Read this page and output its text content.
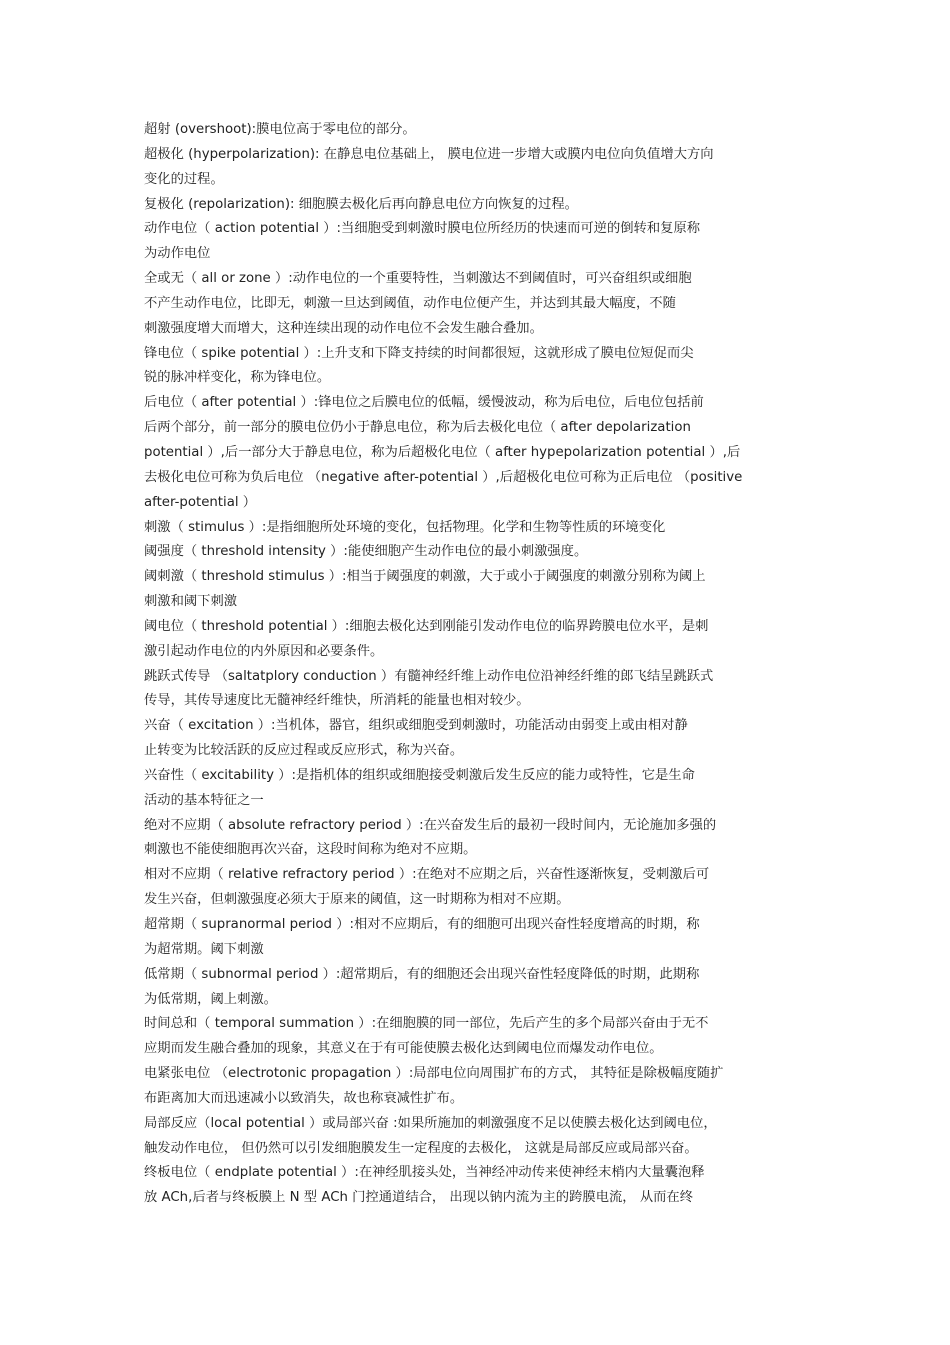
超射 (overshoot):膜电位高于零电位的部分。
超极化 (hyperpolarization): 在静息电位基础上， 膜电位进一步增大或膜内电位向负值增大方向
变化的过程。
复极化 (repolarization): 细胞膜去极化后再向静息电位方向恢复的过程。
动作电位（ action potential ）:当细胞受到刺激时膜电位所经历的快速而可逆的倒转和复原称
为动作电位
全或无（ all or zone ）:动作电位的一个重要特性，当刺激达不到阈值时，可兴奋组织或细胞
不产生动作电位，比即无，刺激一旦达到阈值，动作电位便产生，并达到其最大幅度，不随
刺激强度增大而增大，这种连续出现的动作电位不会发生融合叠加。
锋电位（ spike potential ）:上升支和下降支持续的时间都很短，这就形成了膜电位短促而尖
锐的脉冲样变化，称为锋电位。
后电位（ after potential ）:锋电位之后膜电位的低幅，缓慢波动，称为后电位，后电位包括前
后两个部分，前一部分的膜电位仍小于静息电位，称为后去极化电位（ after depolarization
potential ）,后一部分大于静息电位，称为后超极化电位（ after hypepolarization potential ）,后
去极化电位可称为负后电位 （negative after-potential ）,后超极化电位可称为正后电位 （positive
after-potential ）
刺激（ stimulus ）:是指细胞所处环境的变化，包括物理。化学和生物等性质的环境变化
阈强度（ threshold intensity ）:能使细胞产生动作电位的最小刺激强度。
阈刺激（ threshold stimulus ）:相当于阈强度的刺激，大于或小于阈强度的刺激分别称为阈上
刺激和阈下刺激
阈电位（ threshold potential ）:细胞去极化达到刚能引发动作电位的临界跨膜电位水平，是刺
激引起动作电位的内外原因和必要条件。
跳跃式传导 （saltatplory conduction ）有髓神经纤维上动作电位沿神经纤维的郎飞结呈跳跃式
传导，其传导速度比无髓神经纤维快，所消耗的能量也相对较少。
兴奋（ excitation ）:当机体，器官，组织或细胞受到刺激时，功能活动由弱变上或由相对静
止转变为比较活跃的反应过程或反应形式，称为兴奋。
兴奋性（ excitability ）:是指机体的组织或细胞接受刺激后发生反应的能力或特性，它是生命
活动的基本特征之一
绝对不应期（ absolute refractory period ）:在兴奋发生后的最初一段时间内，无论施加多强的
刺激也不能使细胞再次兴奋，这段时间称为绝对不应期。
相对不应期（ relative refractory period ）:在绝对不应期之后，兴奋性逐渐恢复，受刺激后可
发生兴奋，但刺激强度必须大于原来的阈值，这一时期称为相对不应期。
超常期（ supranormal period ）:相对不应期后，有的细胞可出现兴奋性轻度增高的时期，称
为超常期。阈下刺激
低常期（ subnormal period ）:超常期后，有的细胞还会出现兴奋性轻度降低的时期，此期称
为低常期，阈上刺激。
时间总和（ temporal summation ）:在细胞膜的同一部位，先后产生的多个局部兴奋由于无不
应期而发生融合叠加的现象，其意义在于有可能使膜去极化达到阈电位而爆发动作电位。
电紧张电位 （electrotonic propagation ）:局部电位向周围扩布的方式， 其特征是除极幅度随扩
布距离加大而迅速减小以致消失，故也称衰减性扩布。
局部反应（local potential ）或局部兴奋 :如果所施加的刺激强度不足以使膜去极化达到阈电位，
触发动作电位， 但仍然可以引发细胞膜发生一定程度的去极化， 这就是局部反应或局部兴奋。
终板电位（ endplate potential ）:在神经肌接头处，当神经冲动传来使神经末梢内大量囊泡释
放 ACh,后者与终板膜上 N 型 ACh 门控通道结合， 出现以钠内流为主的跨膜电流， 从而在终
